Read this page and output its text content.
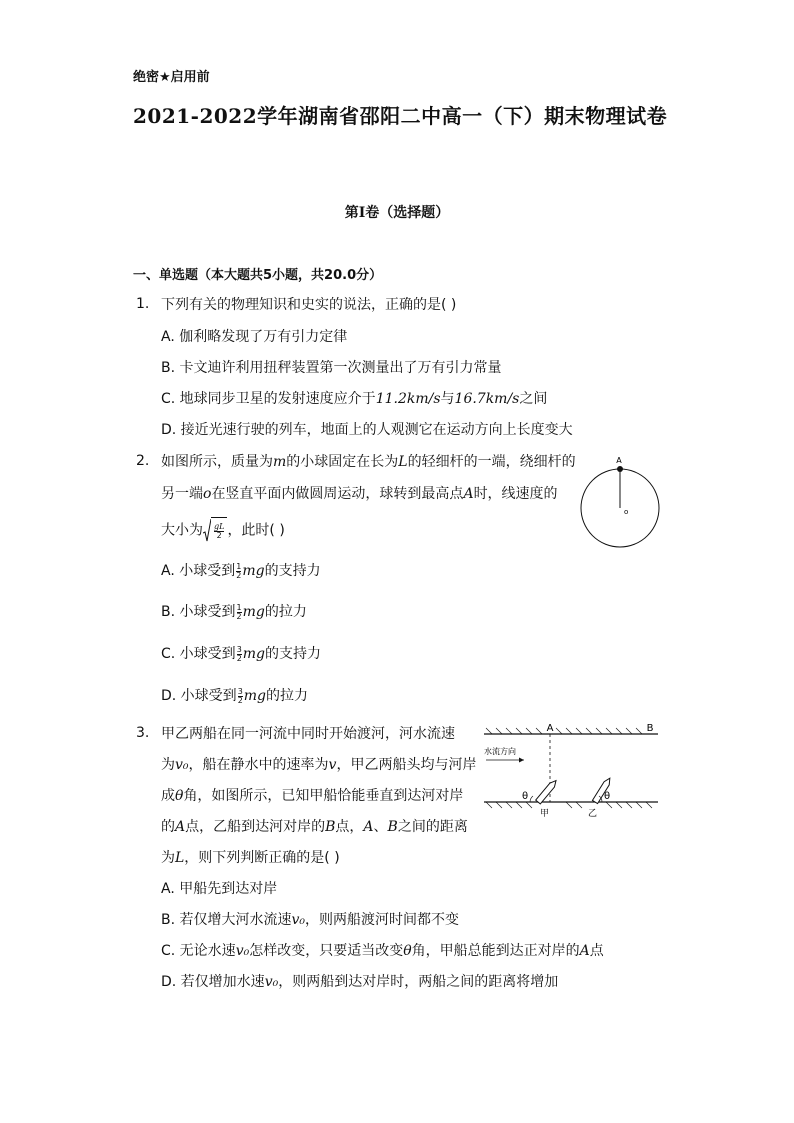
绝密★启用前
2021-2022学年湖南省邵阳二中高一（下）期末物理试卷
第I卷（选择题）
一、单选题（本大题共5小题，共20.0分）
1. 下列有关的物理知识和史实的说法，正确的是( )
A. 伽利略发现了万有引力定律
B. 卡文迪许利用扭秤装置第一次测量出了万有引力常量
C. 地球同步卫星的发射速度应介于11.2km/s与16.7km/s之间
D. 接近光速行驶的列车，地面上的人观测它在运动方向上长度变大
2. 如图所示，质量为m的小球固定在长为L的轻细杆的一端，绕细杆的
另一端o在竖直平面内做圆周运动，球转到最高点A时，线速度的
大小为 $\frac{gL}{2}$ ，此时( )
A. 小球受到 $\frac{1}{2}$ mg的支持力
B. 小球受到 $\frac{1}{2}$ mg的拉力
C. 小球受到 $\frac{3}{2}$ mg的支持力
D. 小球受到 $\frac{3}{2}$ mg的拉力
A
o
3. 甲乙两船在同一河流中同时开始渡河，河水流速
为v₀，船在静水中的速率为v，甲乙两船头均与河岸
成θ角，如图所示，已知甲船恰能垂直到达河对岸
的A点，乙船到达河对岸的B点，A、B之间的距离
为L，则下列判断正确的是( )
A. 甲船先到达对岸
B. 若仅增大河水流速v₀，则两船渡河时间都不变
C. 无论水速v₀怎样改变，只要适当改变θ角，甲船总能到达正对岸的A点
D. 若仅增加水速v₀，则两船到达对岸时，两船之间的距离将增加
A	B
水流方向
θ
甲
θ
乙
